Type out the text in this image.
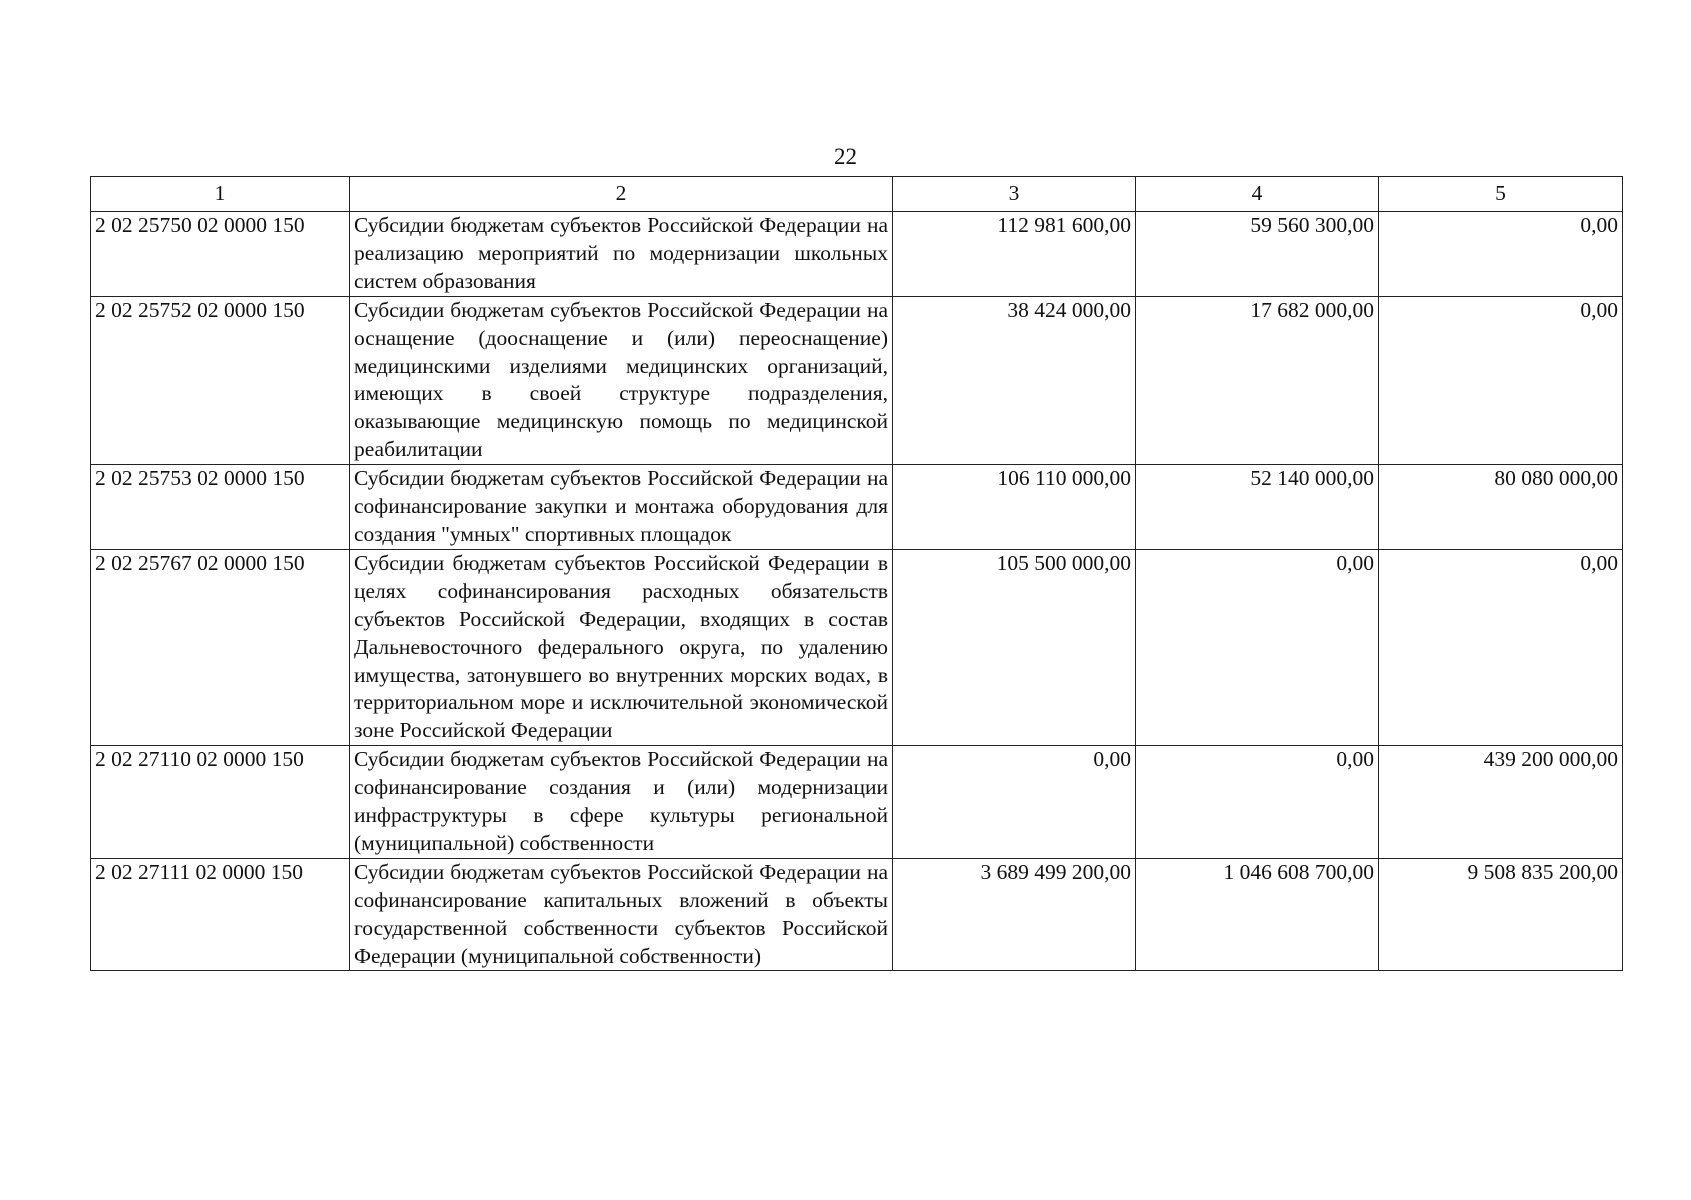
22
1	2	3	4	5
2 02 25750 02 0000 150	Субсидии бюджетам субъектов Российской Федерации на реализацию мероприятий по модернизации школьных систем образования	112 981 600,00	59 560 300,00	0,00
2 02 25752 02 0000 150	Субсидии бюджетам субъектов Российской Федерации на оснащение (дооснащение и (или) переоснащение) медицинскими изделиями медицинских организаций, имеющих в своей структуре подразделения, оказывающие медицинскую помощь по медицинской реабилитации	38 424 000,00	17 682 000,00	0,00
2 02 25753 02 0000 150	Субсидии бюджетам субъектов Российской Федерации на софинансирование закупки и монтажа оборудования для создания "умных" спортивных площадок	106 110 000,00	52 140 000,00	80 080 000,00
2 02 25767 02 0000 150	Субсидии бюджетам субъектов Российской Федерации в целях софинансирования расходных обязательств субъектов Российской Федерации, входящих в состав Дальневосточного федерального округа, по удалению имущества, затонувшего во внутренних морских водах, в территориальном море и исключительной экономической зоне Российской Федерации	105 500 000,00	0,00	0,00
2 02 27110 02 0000 150	Субсидии бюджетам субъектов Российской Федерации на софинансирование создания и (или) модернизации инфраструктуры в сфере культуры региональной (муниципальной) собственности	0,00	0,00	439 200 000,00
2 02 27111 02 0000 150	Субсидии бюджетам субъектов Российской Федерации на софинансирование капитальных вложений в объекты государственной собственности субъектов Российской Федерации (муниципальной собственности)	3 689 499 200,00	1 046 608 700,00	9 508 835 200,00
